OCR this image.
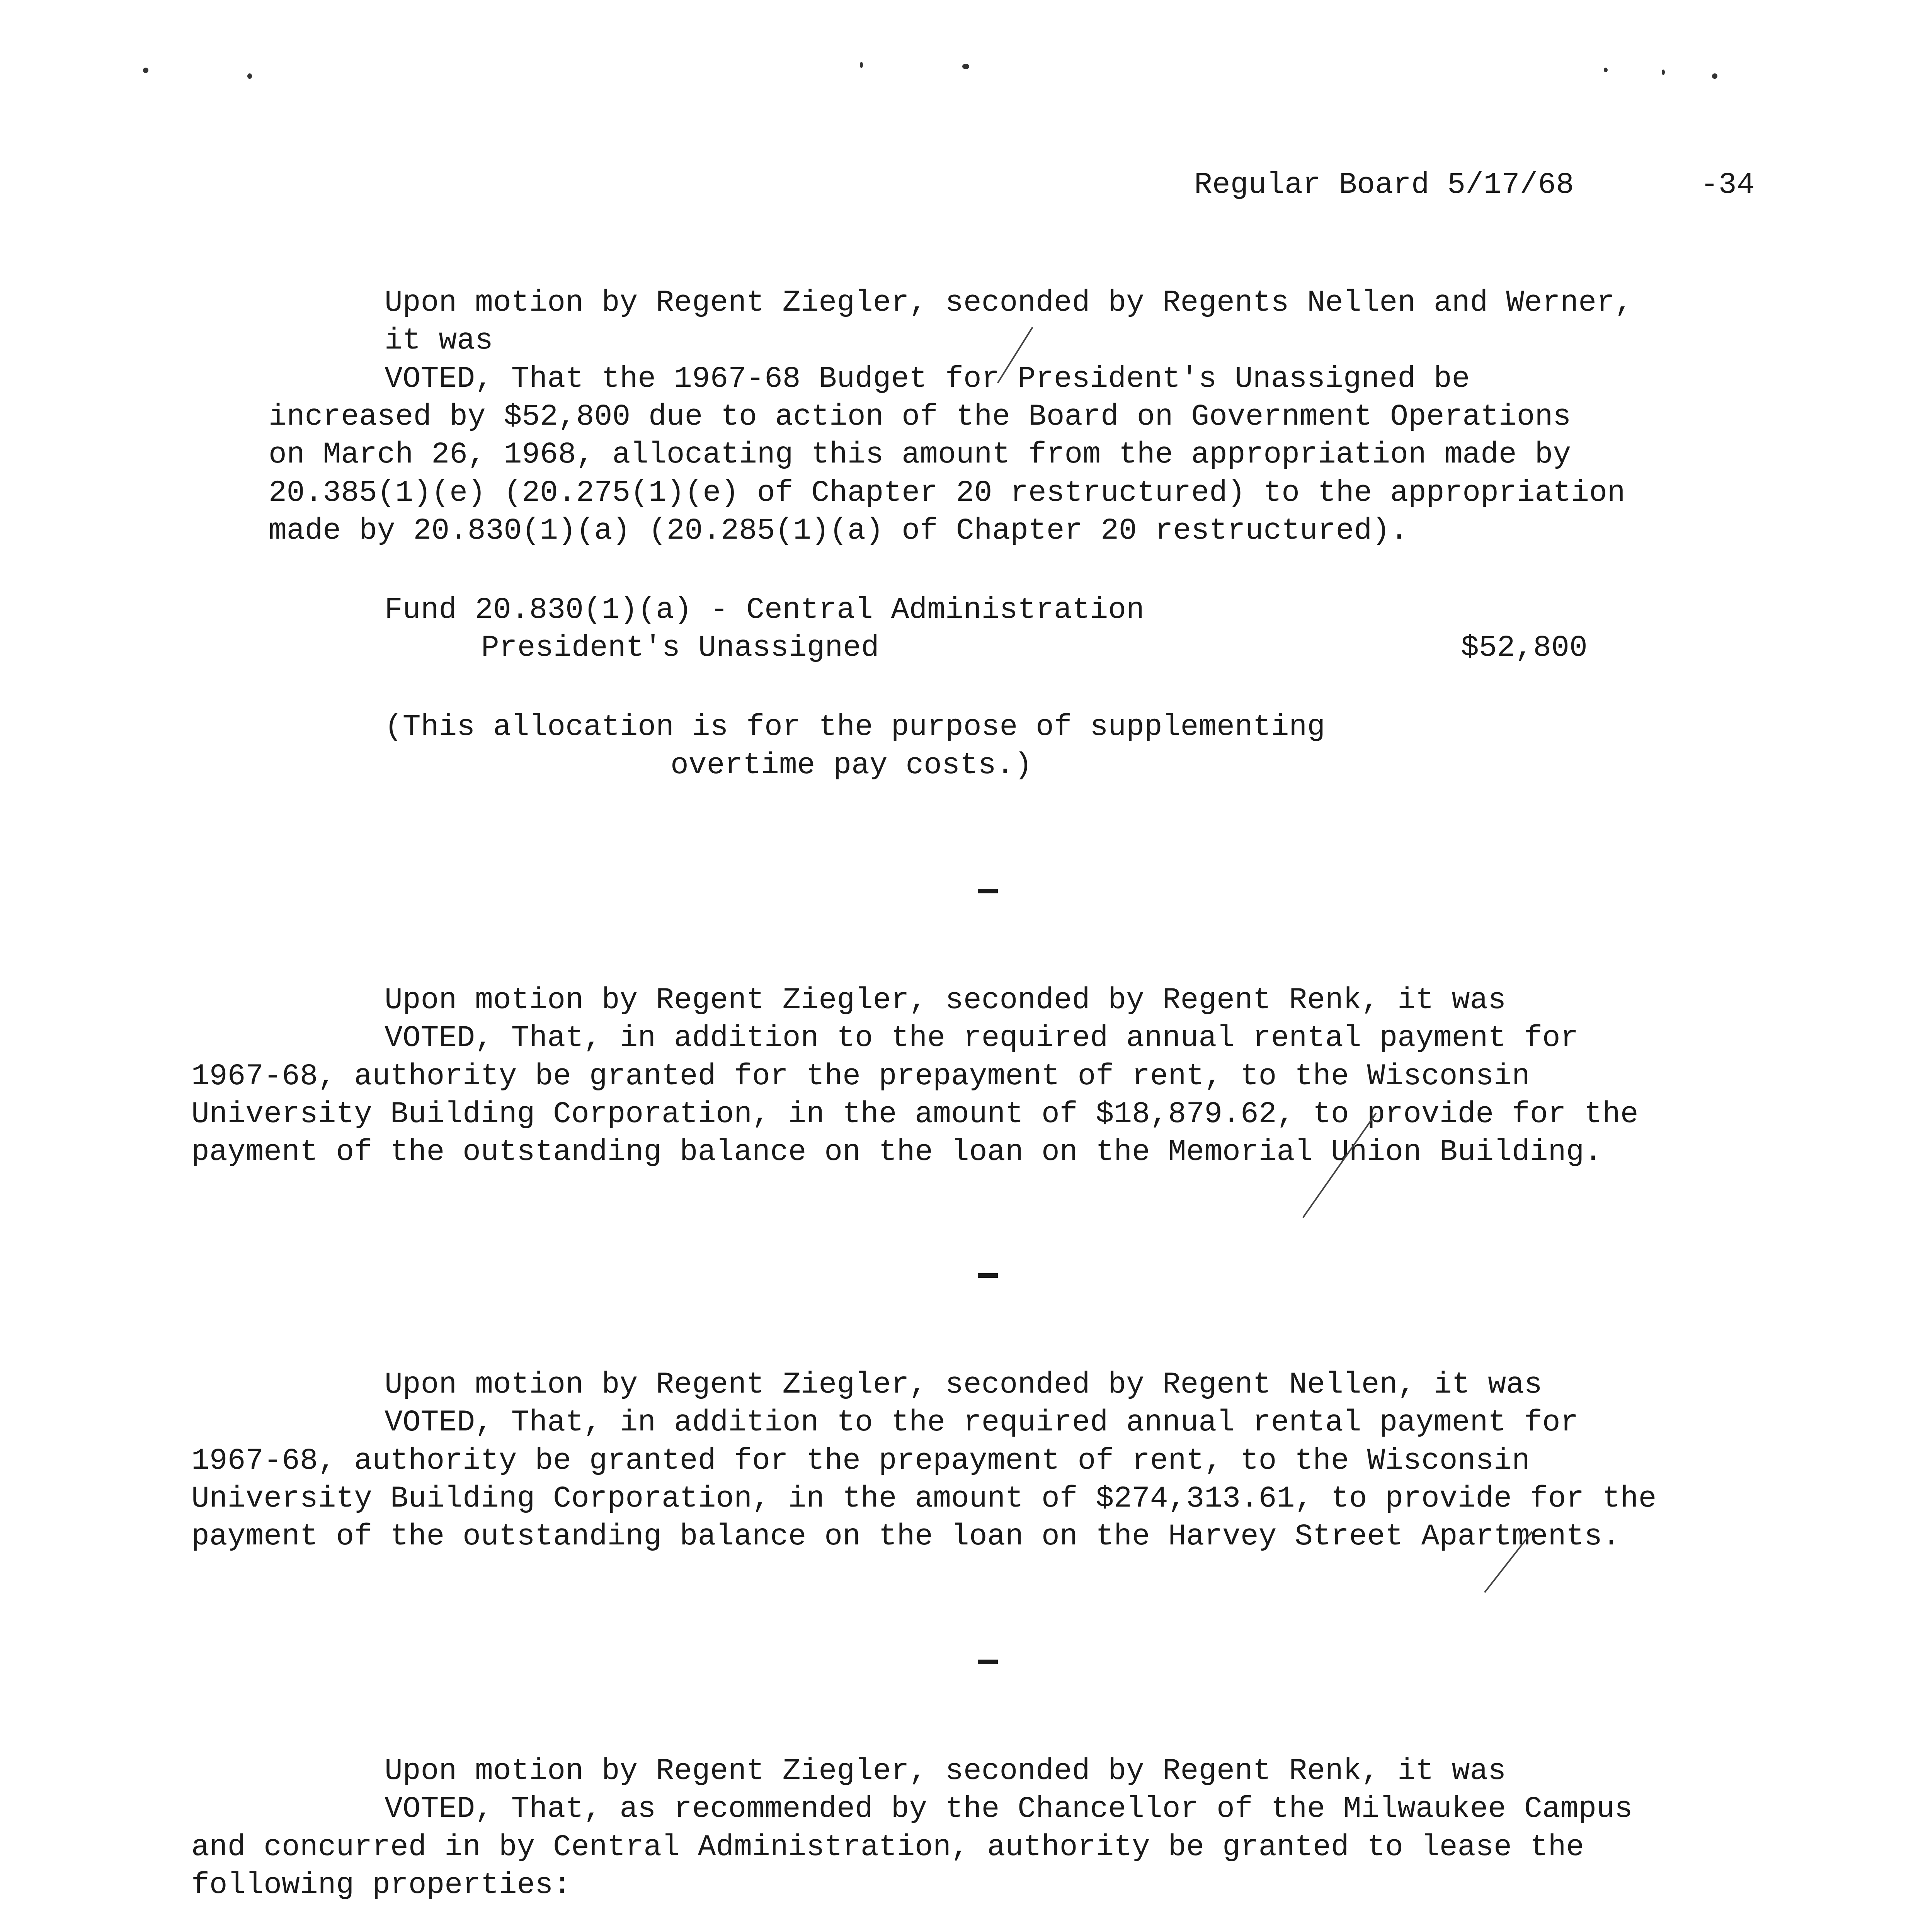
Regular Board 5/17/68	-34
Upon motion by Regent Ziegler, seconded by Regents Nellen and Werner,
it was
VOTED, That the 1967-68 Budget for President's Unassigned be
increased by $52,800 due to action of the Board on Government Operations
on March 26, 1968, allocating this amount from the appropriation made by
20.385(1)(e) (20.275(1)(e) of Chapter 20 restructured) to the appropriation
made by 20.830(1)(a) (20.285(1)(a) of Chapter 20 restructured).
Fund 20.830(1)(a) - Central Administration
President's Unassigned	$52,800
(This allocation is for the purpose of supplementing
overtime pay costs.)
Upon motion by Regent Ziegler, seconded by Regent Renk, it was
VOTED, That, in addition to the required annual rental payment for
1967-68, authority be granted for the prepayment of rent, to the Wisconsin
University Building Corporation, in the amount of $18,879.62, to provide for the
payment of the outstanding balance on the loan on the Memorial Union Building.
Upon motion by Regent Ziegler, seconded by Regent Nellen, it was
VOTED, That, in addition to the required annual rental payment for
1967-68, authority be granted for the prepayment of rent, to the Wisconsin
University Building Corporation, in the amount of $274,313.61, to provide for the
payment of the outstanding balance on the loan on the Harvey Street Apartments.
Upon motion by Regent Ziegler, seconded by Regent Renk, it was
VOTED, That, as recommended by the Chancellor of the Milwaukee Campus
and concurred in by Central Administration, authority be granted to lease the
following properties:
